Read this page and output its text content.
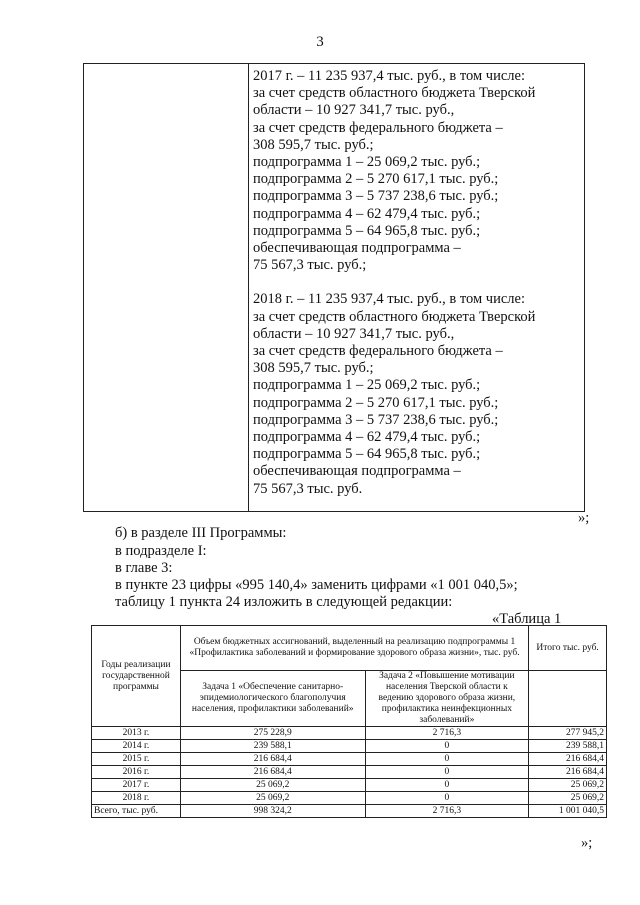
3

2017 г. – 11 235 937,4 тыс. руб., в том числе:
за счет средств областного бюджета Тверской
области – 10 927 341,7 тыс. руб.,
за счет средств федерального бюджета –
308 595,7 тыс. руб.;
подпрограмма 1 – 25 069,2 тыс. руб.;
подпрограмма 2 – 5 270 617,1 тыс. руб.;
подпрограмма 3 – 5 737 238,6 тыс. руб.;
подпрограмма 4 – 62 479,4 тыс. руб.;
подпрограмма 5 – 64 965,8 тыс. руб.;
обеспечивающая подпрограмма –
75 567,3 тыс. руб.;
2018 г. – 11 235 937,4 тыс. руб., в том числе:
за счет средств областного бюджета Тверской
области – 10 927 341,7 тыс. руб.,
за счет средств федерального бюджета –
308 595,7 тыс. руб.;
подпрограмма 1 – 25 069,2 тыс. руб.;
подпрограмма 2 – 5 270 617,1 тыс. руб.;
подпрограмма 3 – 5 737 238,6 тыс. руб.;
подпрограмма 4 – 62 479,4 тыс. руб.;
подпрограмма 5 – 64 965,8 тыс. руб.;
обеспечивающая подпрограмма –
75 567,3 тыс. руб.
»;
б) в разделе III Программы:
в подразделе I:
в главе 3:
в пункте 23 цифры «995 140,4» заменить цифрами «1 001 040,5»;
таблицу 1 пункта 24 изложить в следующей редакции:
«Таблица 1
Годы реализации государственной программы	Объем бюджетных ассигнований, выделенный на реализацию подпрограммы 1 «Профилактика заболеваний и формирование здорового образа жизни», тыс. руб.		Итого тыс. руб.
	Задача 1 «Обеспечение санитарно-эпидемиологического благополучия населения, профилактики заболеваний»	Задача 2 «Повышение мотивации населения Тверской области к ведению здорового образа жизни, профилактика неинфекционных заболеваний»	
2013 г.	275 228,9	2 716,3	277 945,2
2014 г.	239 588,1	0	239 588,1
2015 г.	216 684,4	0	216 684,4
2016 г.	216 684,4	0	216 684,4
2017 г.	25 069,2	0	25 069,2
2018 г.	25 069,2	0	25 069,2
Всего, тыс. руб.	998 324,2	2 716,3	1 001 040,5
»;
